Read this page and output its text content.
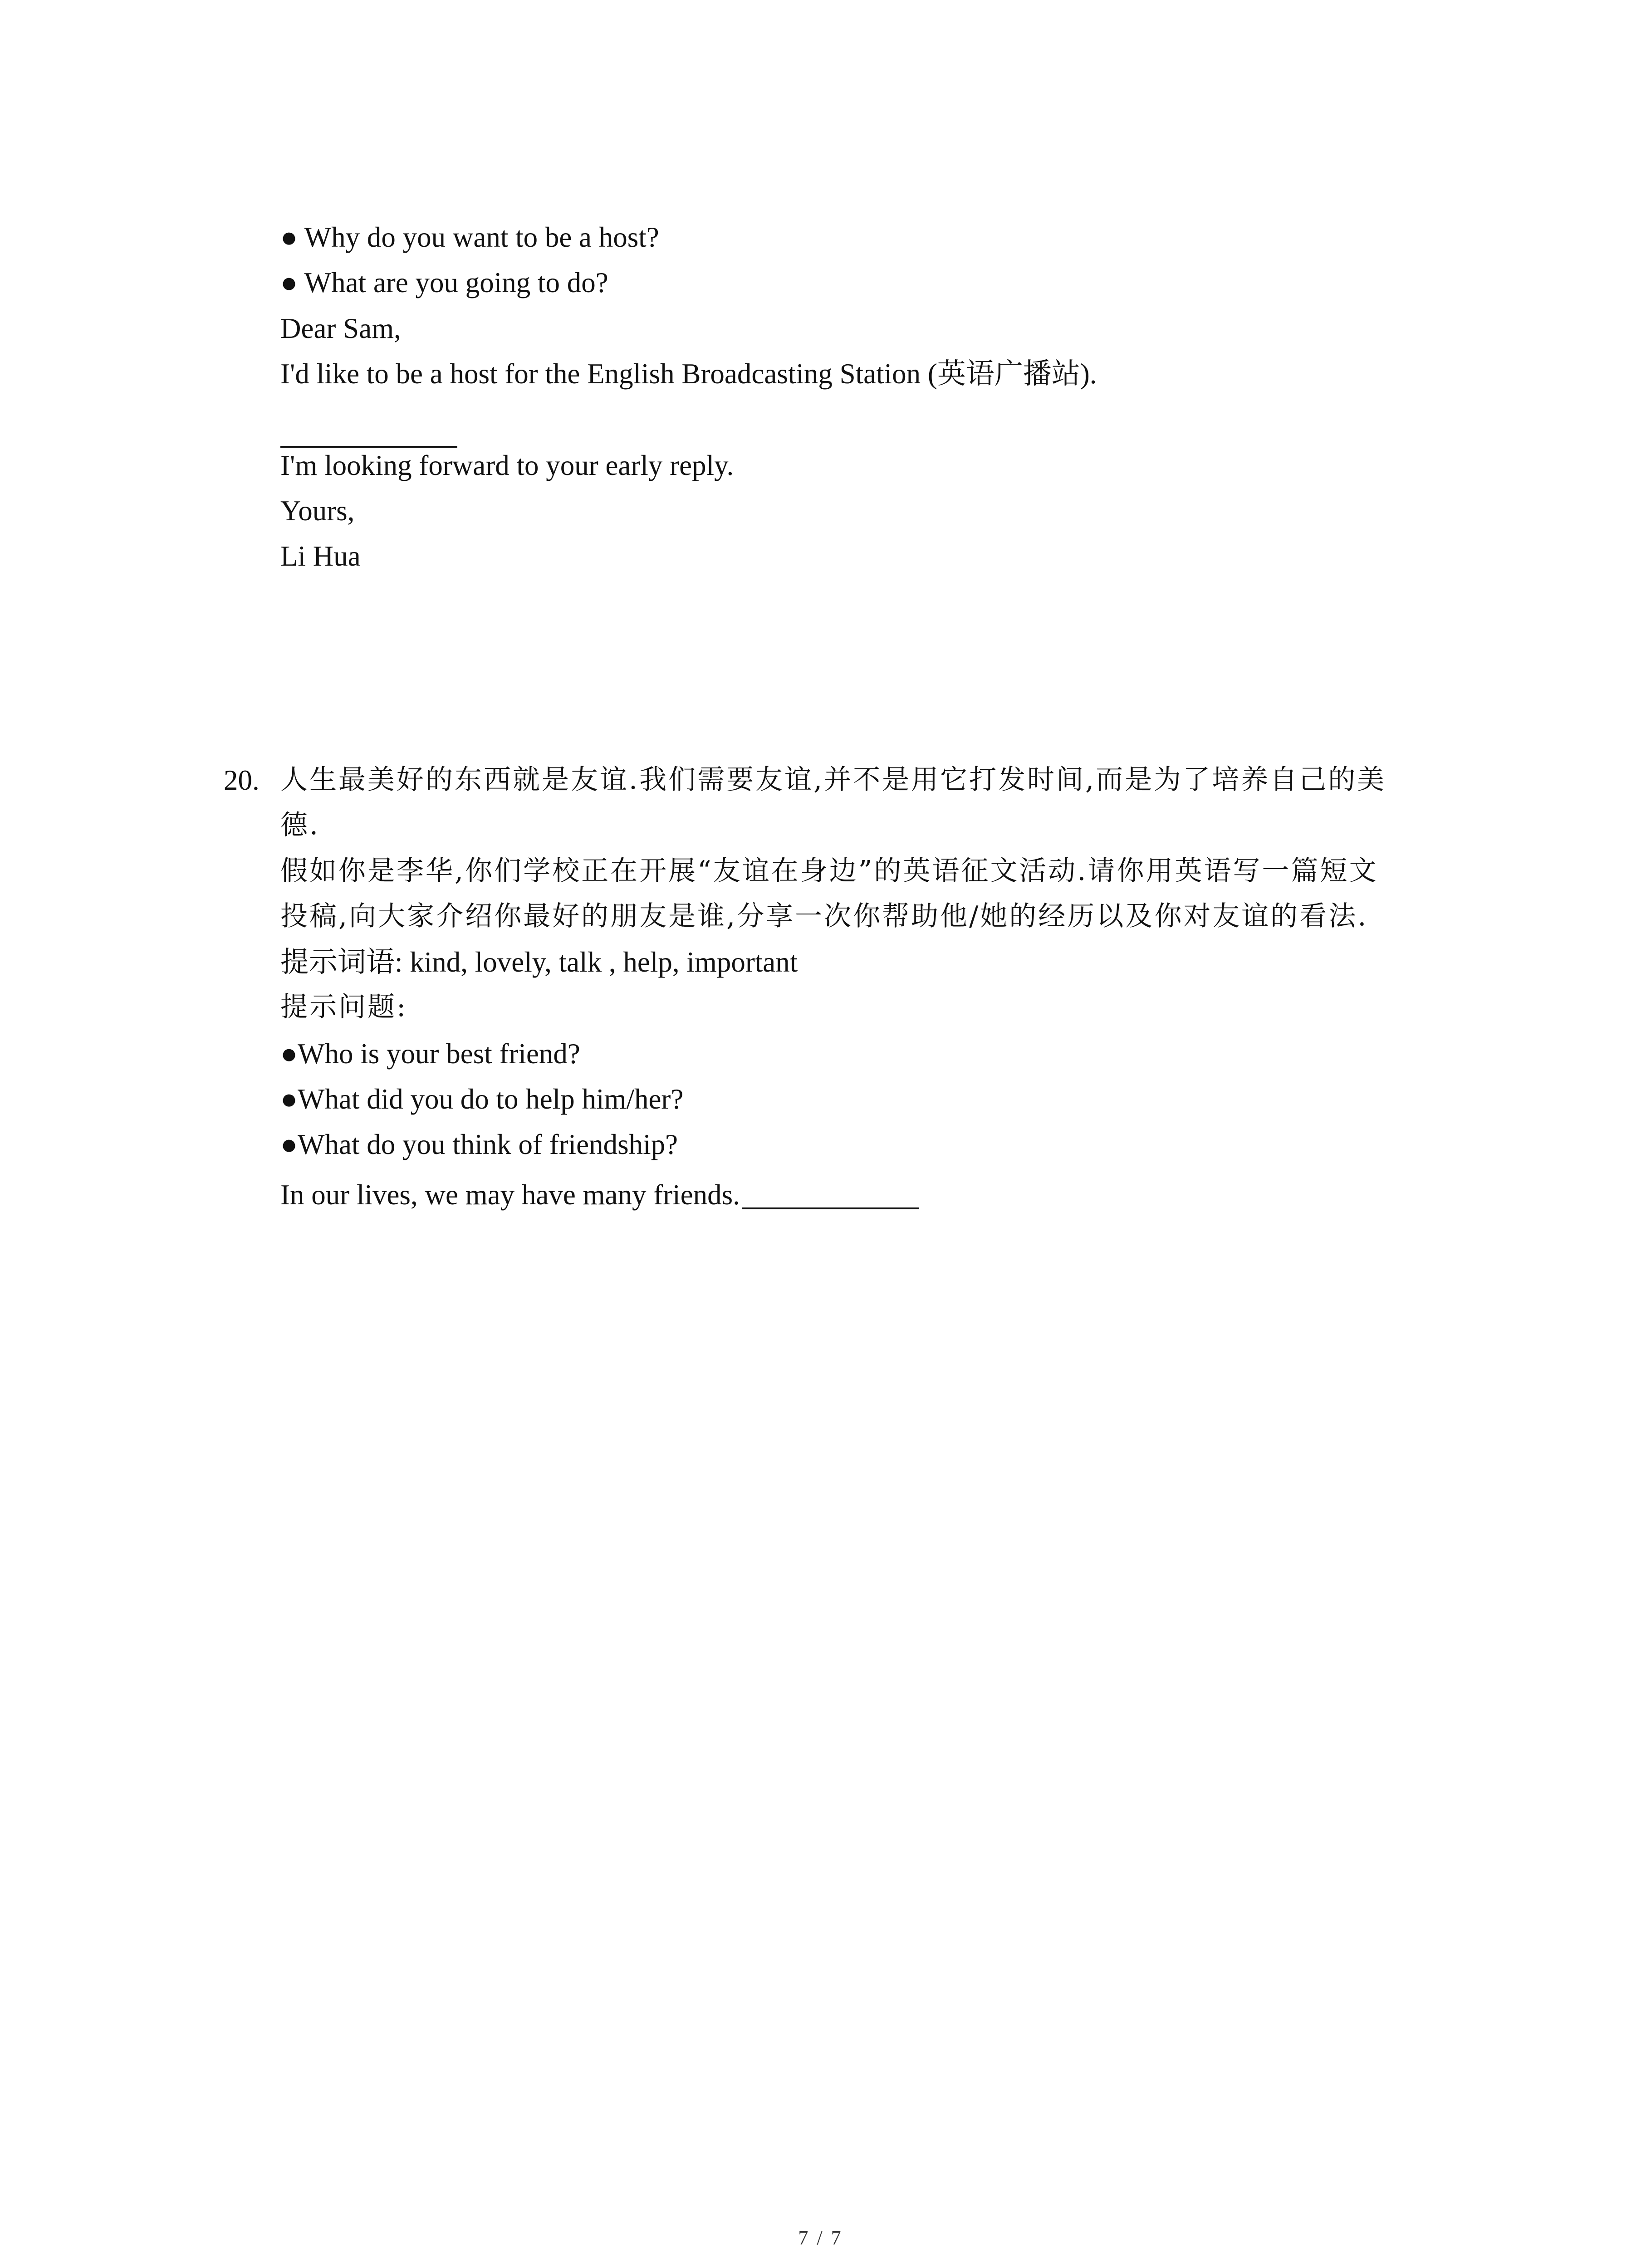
● Why do you want to be a host?
● What are you going to do?
Dear Sam,
I'd like to be a host for the English Broadcasting Station (英语广播站).
I'm looking forward to your early reply.
Yours,
Li Hua
20. 人生最美好的东西就是友谊.我们需要友谊,并不是用它打发时间,而是为了培养自己的美
德.
假如你是李华,你们学校正在开展“友谊在身边”的英语征文活动.请你用英语写一篇短文
投稿,向大家介绍你最好的朋友是谁,分享一次你帮助他/她的经历以及你对友谊的看法.
提示词语: kind, lovely, talk , help, important
提示问题:
●Who is your best friend?
●What did you do to help him/her?
●What do you think of friendship?
In our lives, we may have many friends.
7 / 7
